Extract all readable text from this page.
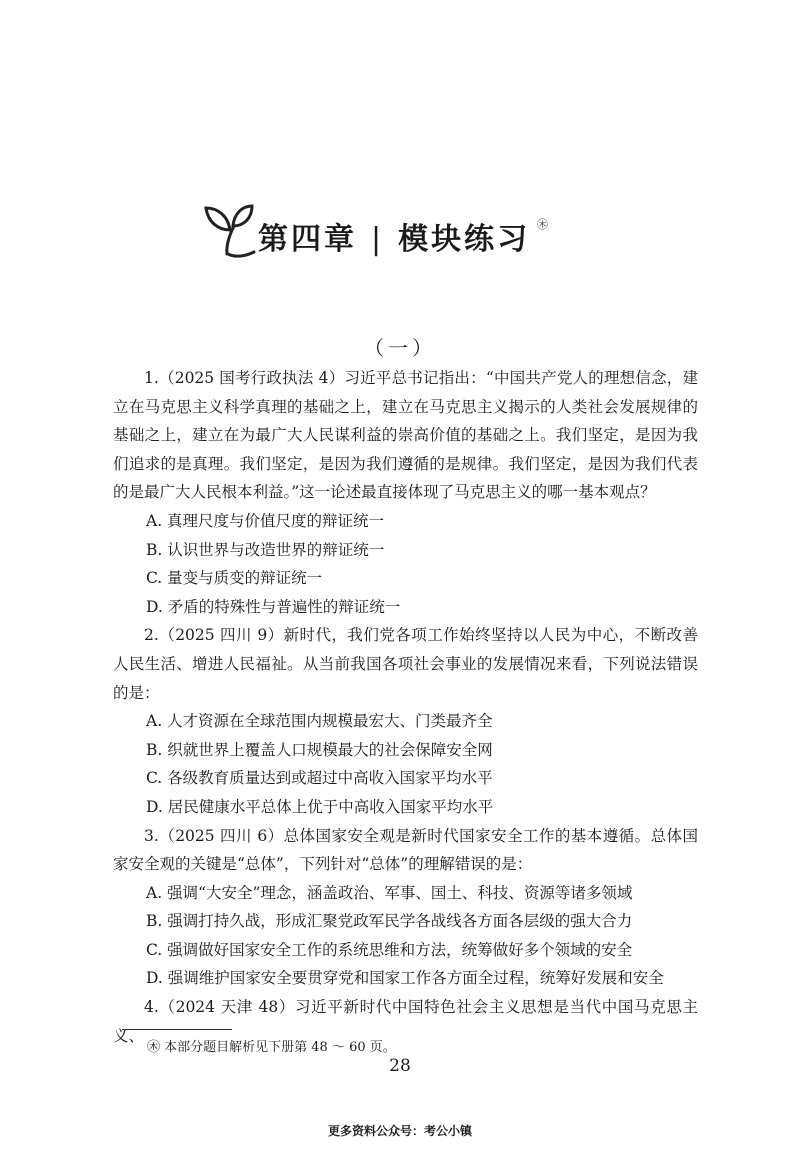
第四章 | 模块练习 ㊍
（一）

1.（2025 国考行政执法 4）习近平总书记指出：“中国共产党人的理想信念，建立在马克思主义科学真理的基础之上，建立在马克思主义揭示的人类社会发展规律的基础之上，建立在为最广大人民谋利益的崇高价值的基础之上。我们坚定，是因为我们追求的是真理。我们坚定，是因为我们遵循的是规律。我们坚定，是因为我们代表的是最广大人民根本利益。”这一论述最直接体现了马克思主义的哪一基本观点？

A. 真理尺度与价值尺度的辩证统一

B. 认识世界与改造世界的辩证统一

C. 量变与质变的辩证统一

D. 矛盾的特殊性与普遍性的辩证统一

2.（2025 四川 9）新时代，我们党各项工作始终坚持以人民为中心，不断改善人民生活、增进人民福祉。从当前我国各项社会事业的发展情况来看，下列说法错误的是：

A. 人才资源在全球范围内规模最宏大、门类最齐全

B. 织就世界上覆盖人口规模最大的社会保障安全网

C. 各级教育质量达到或超过中高收入国家平均水平

D. 居民健康水平总体上优于中高收入国家平均水平

3.（2025 四川 6）总体国家安全观是新时代国家安全工作的基本遵循。总体国家安全观的关键是“总体”，下列针对“总体”的理解错误的是：

A. 强调“大安全”理念，涵盖政治、军事、国土、科技、资源等诸多领域

B. 强调打持久战，形成汇聚党政军民学各战线各方面各层级的强大合力

C. 强调做好国家安全工作的系统思维和方法，统筹做好多个领域的安全

D. 强调维护国家安全要贯穿党和国家工作各方面全过程，统筹好发展和安全

4.（2024 天津 48）习近平新时代中国特色社会主义思想是当代中国马克思主义、

㊍ 本部分题目解析见下册第 48 ～ 60 页。
28
更多资料公众号：考公小镇
